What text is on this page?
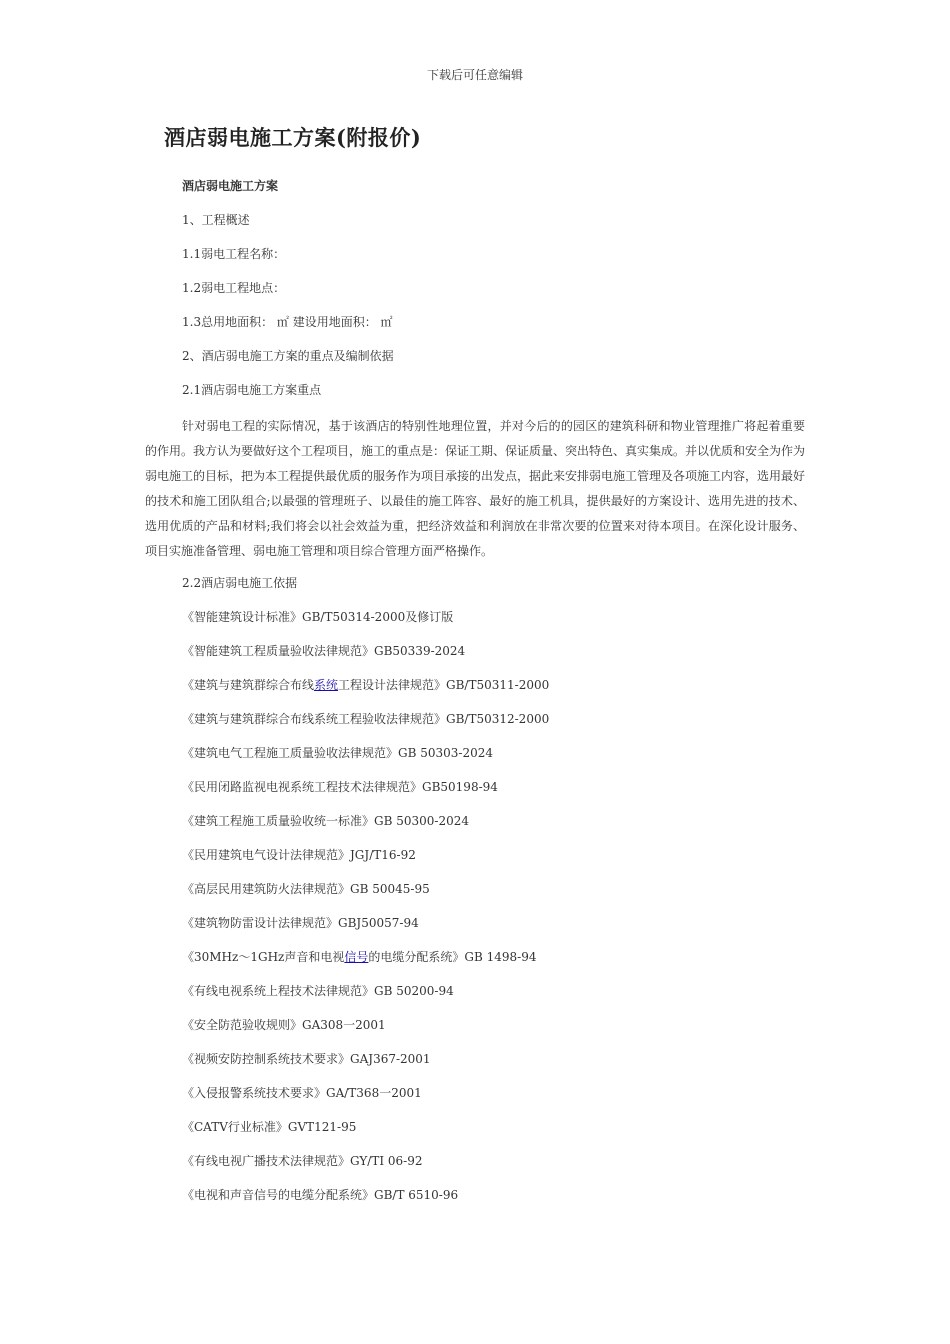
下载后可任意编辑
酒店弱电施工方案(附报价)
酒店弱电施工方案
1、工程概述
1.1弱电工程名称：
1.2弱电工程地点：
1.3总用地面积： ㎡ 建设用地面积： ㎡
2、酒店弱电施工方案的重点及编制依据
2.1酒店弱电施工方案重点
针对弱电工程的实际情况，基于该酒店的特别性地理位置，并对今后的的园区的建筑科研和物业管理推广将起着重要的作用。我方认为要做好这个工程项目，施工的重点是：保证工期、保证质量、突出特色、真实集成。并以优质和安全为作为弱电施工的目标，把为本工程提供最优质的服务作为项目承接的出发点，据此来安排弱电施工管理及各项施工内容，选用最好的技术和施工团队组合;以最强的管理班子、以最佳的施工阵容、最好的施工机具，提供最好的方案设计、选用先进的技术、选用优质的产品和材料;我们将会以社会效益为重，把经济效益和利润放在非常次要的位置来对待本项目。在深化设计服务、项目实施准备管理、弱电施工管理和项目综合管理方面严格操作。
2.2酒店弱电施工依据
《智能建筑设计标准》GB/T50314-2000及修订版
《智能建筑工程质量验收法律规范》GB50339-2024
《建筑与建筑群综合布线系统工程设计法律规范》GB/T50311-2000
《建筑与建筑群综合布线系统工程验收法律规范》GB/T50312-2000
《建筑电气工程施工质量验收法律规范》GB 50303-2024
《民用闭路监视电视系统工程技术法律规范》GB50198-94
《建筑工程施工质量验收统一标准》GB 50300-2024
《民用建筑电气设计法律规范》JGJ/T16-92
《高层民用建筑防火法律规范》GB 50045-95
《建筑物防雷设计法律规范》GBJ50057-94
《30MHz～1GHz声音和电视信号的电缆分配系统》GB 1498-94
《有线电视系统上程技术法律规范》GB 50200-94
《安全防范验收规则》GA308一2001
《视频安防控制系统技术要求》GAJ367-2001
《入侵报警系统技术要求》GA/T368一2001
《CATV行业标准》GVT121-95
《有线电视广播技术法律规范》GY/TI 06-92
《电视和声音信号的电缆分配系统》GB/T 6510-96
